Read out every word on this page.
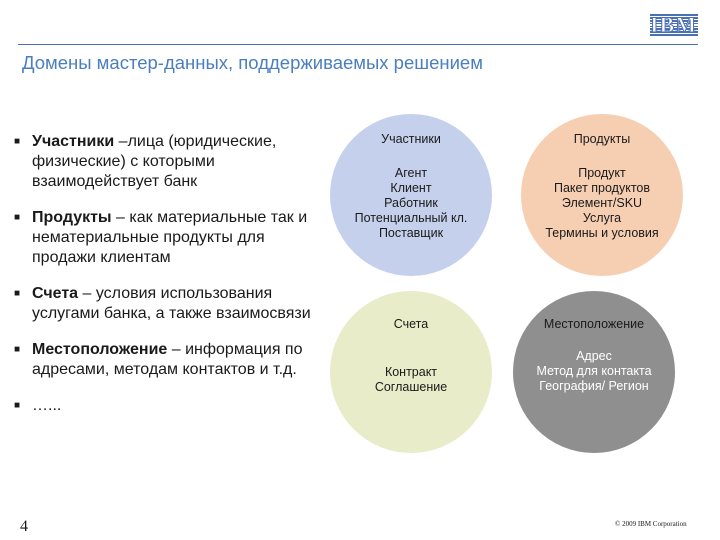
IBM
Домены мастер-данных, поддерживаемых решением
■ Участники –лица (юридические, физические) с которыми взаимодействует банк
■ Продукты – как материальные так и нематериальные продукты для продажи клиентам
■ Счета – условия использования услугами банка, а также взаимосвязи
■ Местоположение – информация по адресами, методам контактов и т.д.
■ …...
Участники
Агент
Клиент
Работник
Потенциальный кл.
Поставщик
Продукты
Продукт
Пакет продуктов
Элемент/SKU
Услуга
Термины и условия
Счета
Контракт
Соглашение
Местоположение
Адрес
Метод для контакта
География/ Регион
4	© 2009 IBM Corporation
